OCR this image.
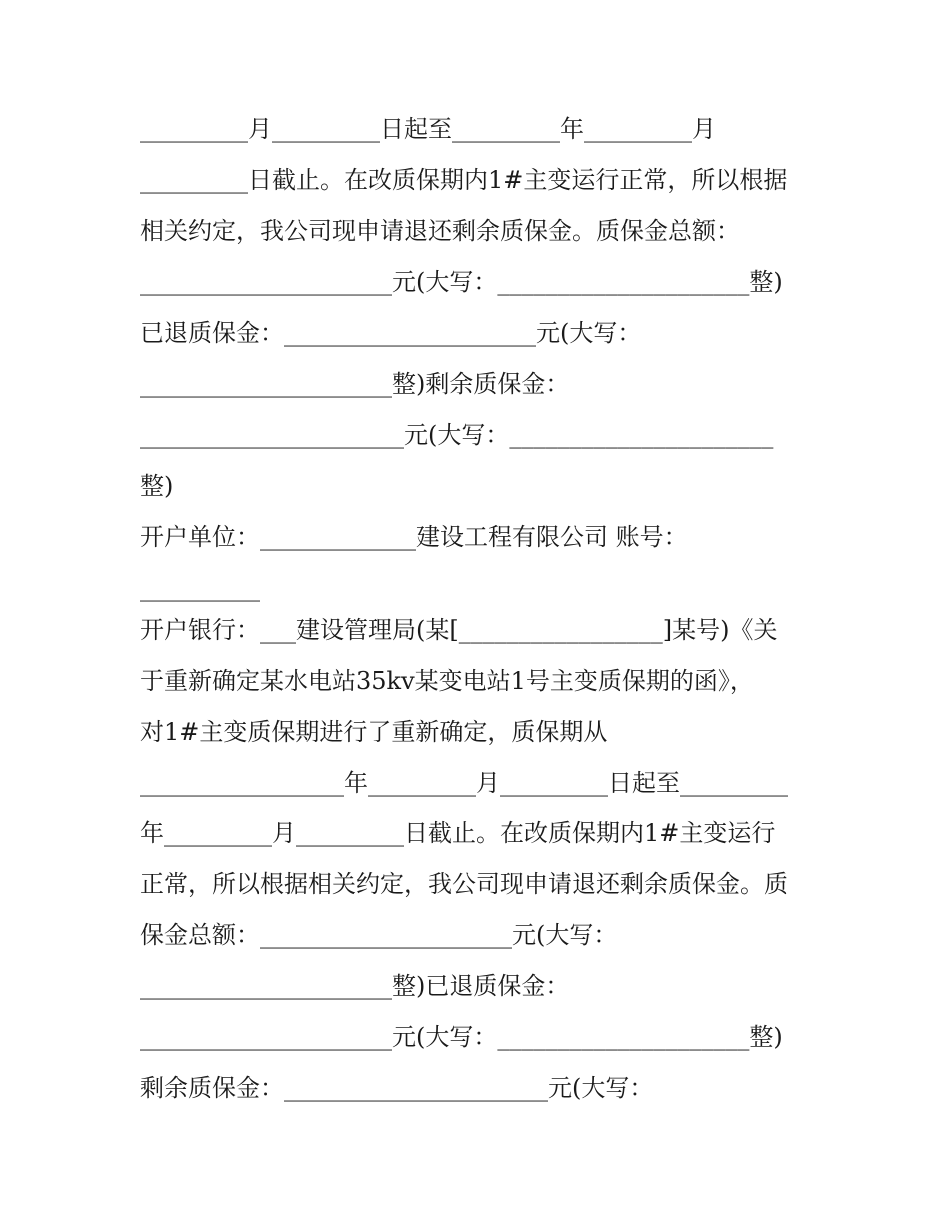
_________月_________日起至_________年_________月
_________日截止。在改质保期内1#主变运行正常，所以根据
相关约定，我公司现申请退还剩余质保金。质保金总额：
_____________________元(大写：_____________________整)
已退质保金：_____________________元(大写：
_____________________整)剩余质保金：
______________________元(大写：______________________
整)
开户单位：_____________建设工程有限公司 账号：
__________
开户银行：___建设管理局(某[_________________]某号)《关
于重新确定某水电站35kv某变电站1号主变质保期的函》，
对1#主变质保期进行了重新确定，质保期从
_________________年_________月_________日起至_________
年_________月_________日截止。在改质保期内1#主变运行
正常，所以根据相关约定，我公司现申请退还剩余质保金。质
保金总额：_____________________元(大写：
_____________________整)已退质保金：
_____________________元(大写：_____________________整)
剩余质保金：______________________元(大写：
